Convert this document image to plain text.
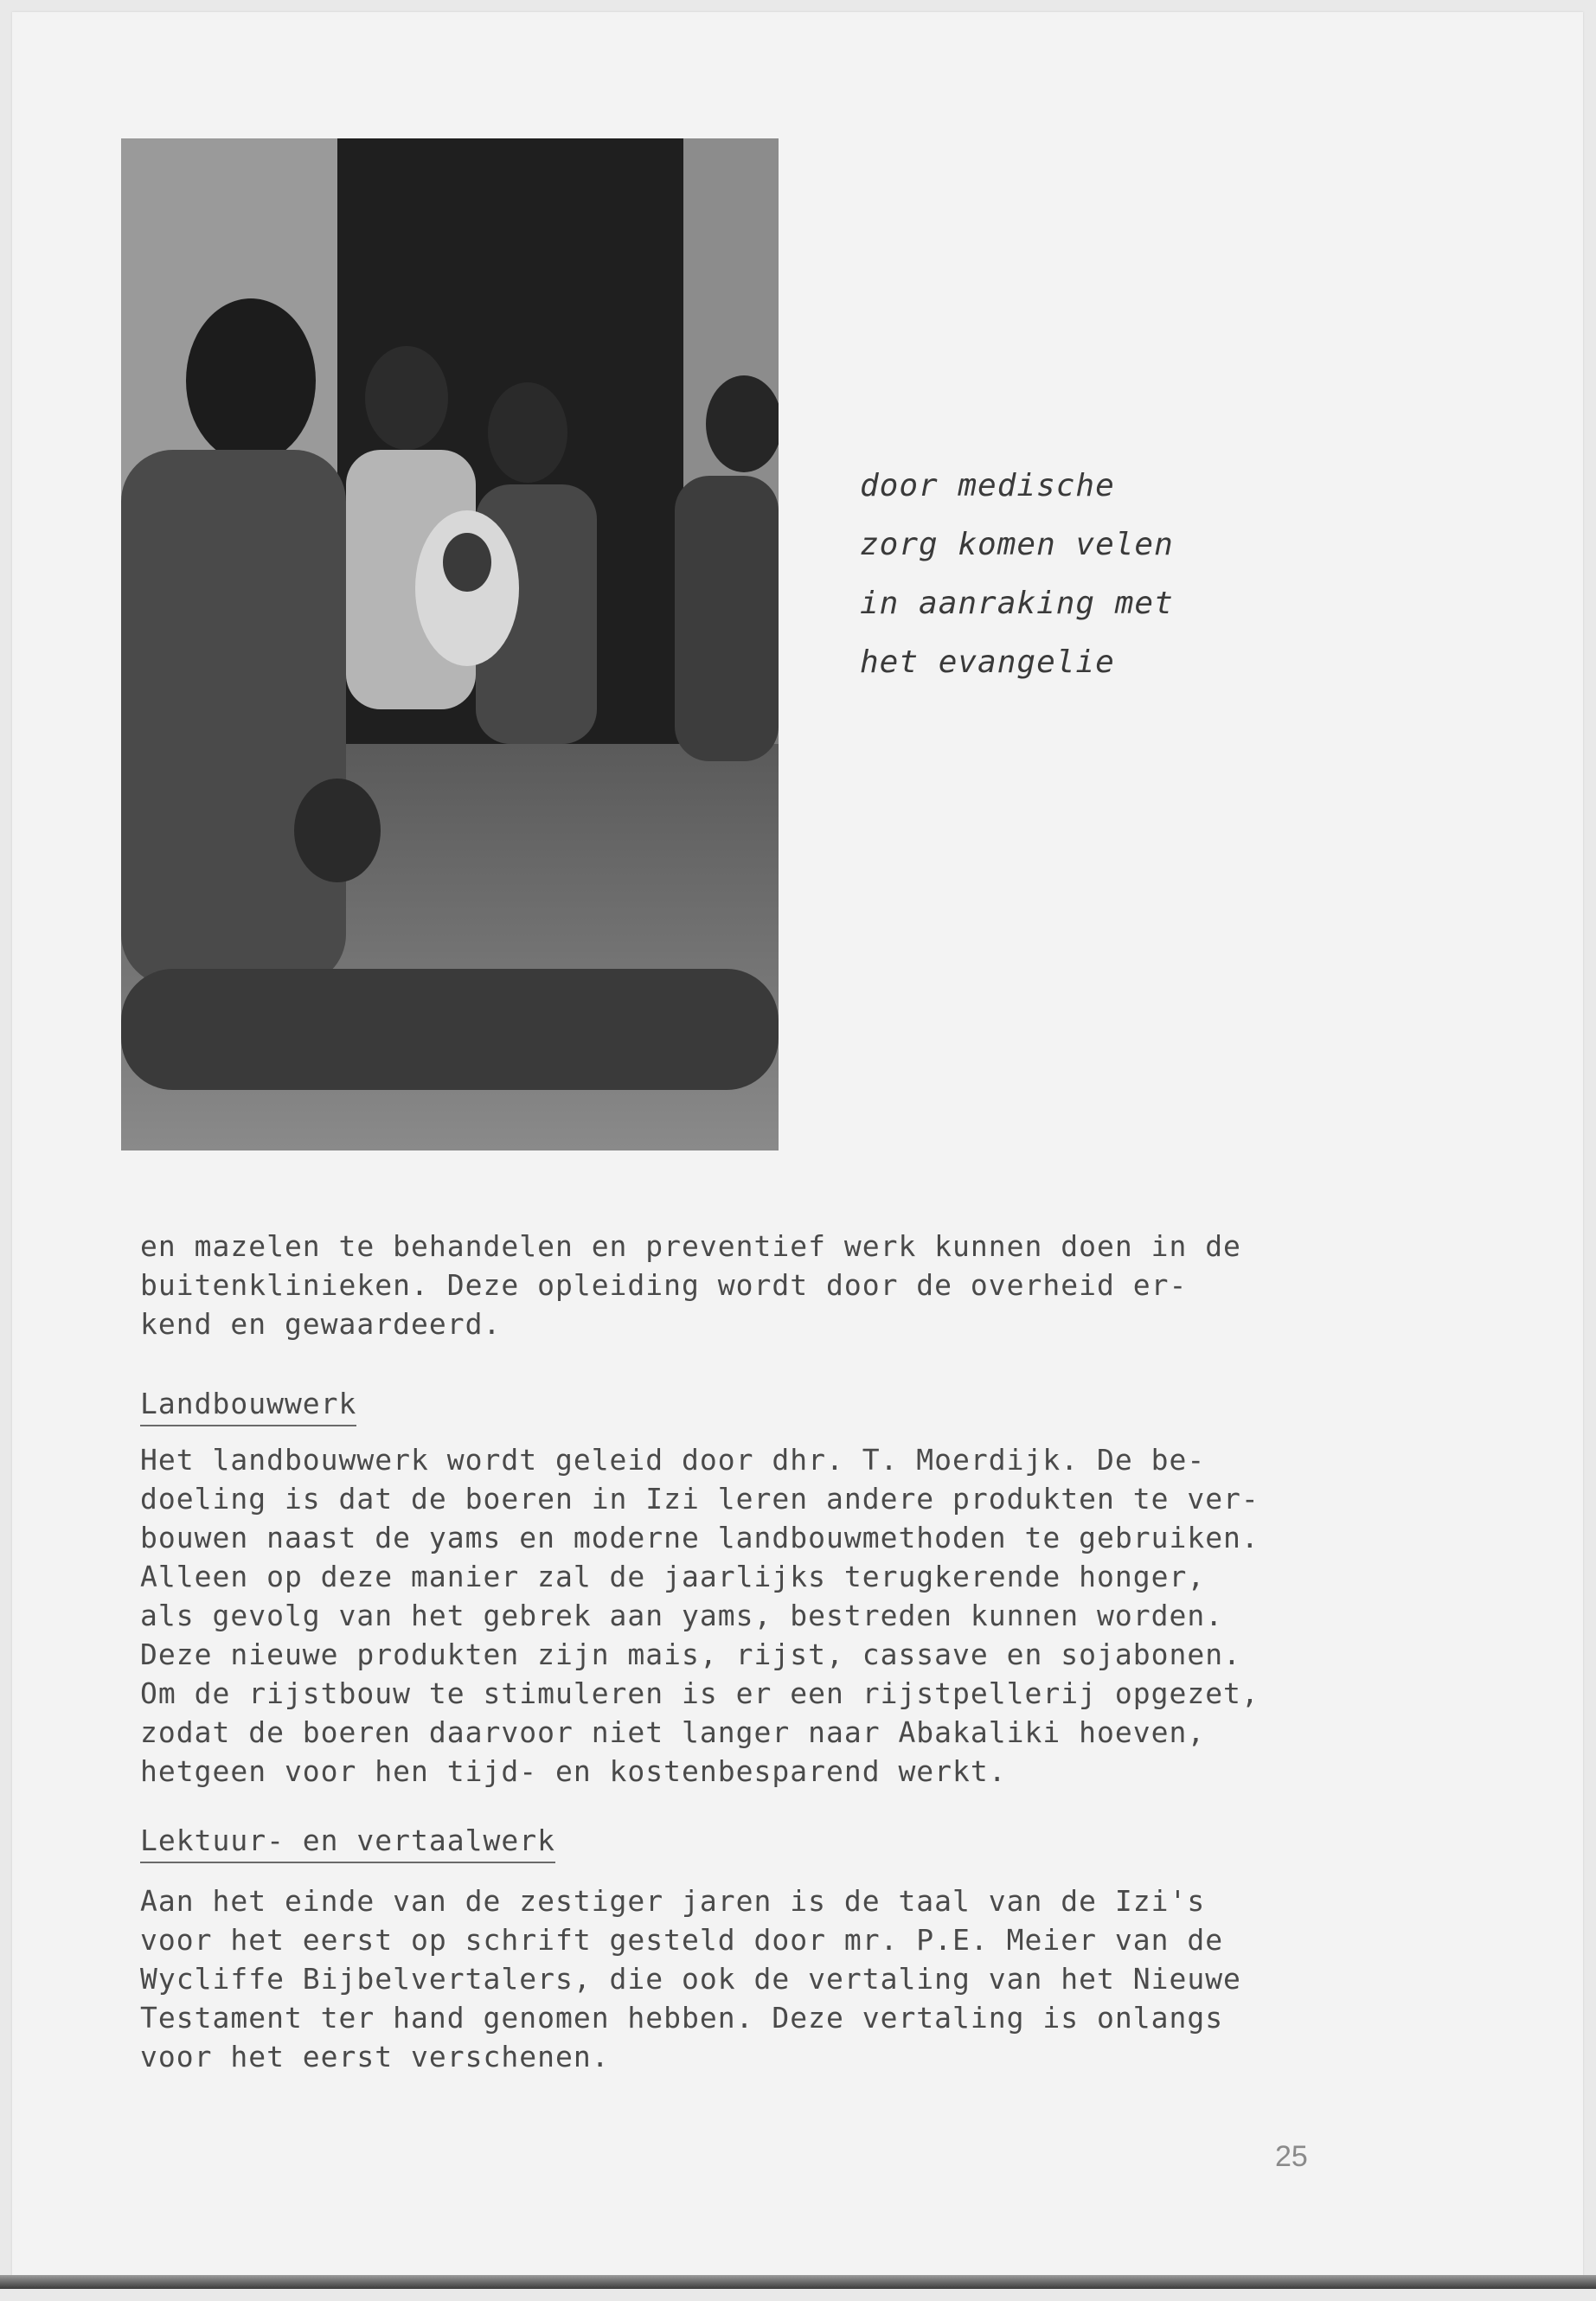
door medische
zorg komen velen
in aanraking met
het evangelie
en mazelen te behandelen en preventief werk kunnen doen in de
buitenklinieken. Deze opleiding wordt door de overheid er-
kend en gewaardeerd.
Landbouwwerk
Het landbouwwerk wordt geleid door dhr. T. Moerdijk. De be-
doeling is dat de boeren in Izi leren andere produkten te ver-
bouwen naast de yams en moderne landbouwmethoden te gebruiken.
Alleen op deze manier zal de jaarlijks terugkerende honger,
als gevolg van het gebrek aan yams, bestreden kunnen worden.
Deze nieuwe produkten zijn mais, rijst, cassave en sojabonen.
Om de rijstbouw te stimuleren is er een rijstpellerij opgezet,
zodat de boeren daarvoor niet langer naar Abakaliki hoeven,
hetgeen voor hen tijd- en kostenbesparend werkt.
Lektuur- en vertaalwerk
Aan het einde van de zestiger jaren is de taal van de Izi's
voor het eerst op schrift gesteld door mr. P.E. Meier van de
Wycliffe Bijbelvertalers, die ook de vertaling van het Nieuwe
Testament ter hand genomen hebben. Deze vertaling is onlangs
voor het eerst verschenen.
25
